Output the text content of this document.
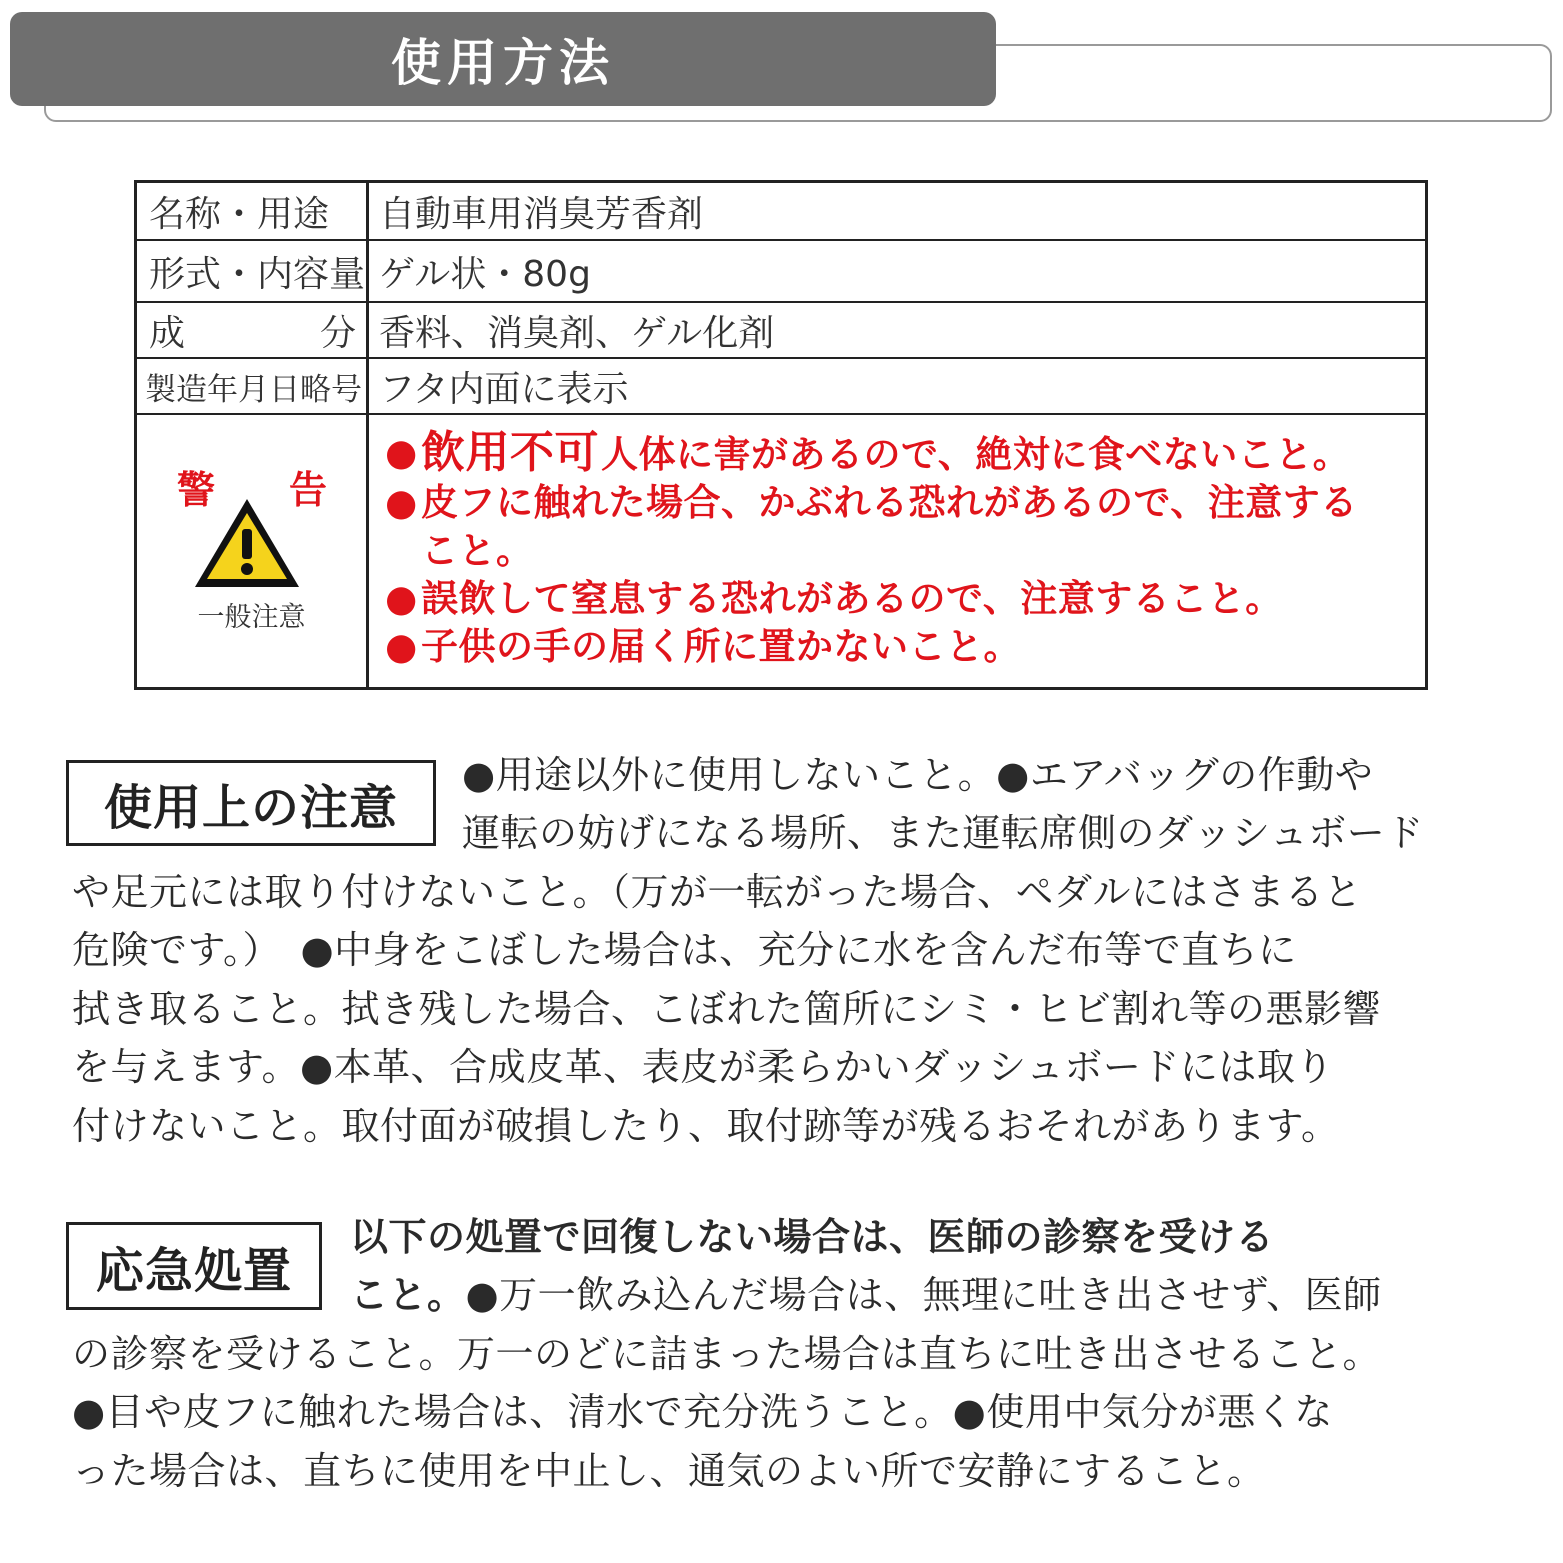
使用方法
名称・用途	自動車用消臭芳香剤
形式・内容量 ゲル状・80g
成	分 香料、消臭剤、ゲル化剤
製造年月日略号 フタ内面に表示
警 告
一般注意
● 飲用不可人体に害があるので、絶対に食べないこと。
● 皮フに触れた場合、かぶれる恐れがあるので、注意する
こと。
● 誤飲して窒息する恐れがあるので、注意すること。
● 子供の手の届く所に置かないこと。
使用上の注意
●用途以外に使用しないこと。●エアバッグの作動や
運転の妨げになる場所、また運転席側のダッシュボード
や足元には取り付けないこと。（万が一転がった場合、ペダルにはさまると
危険です。）　●中身をこぼした場合は、充分に水を含んだ布等で直ちに
拭き取ること。拭き残した場合、こぼれた箇所にシミ・ヒビ割れ等の悪影響
を与えます。●本革、合成皮革、表皮が柔らかいダッシュボードには取り
付けないこと。取付面が破損したり、取付跡等が残るおそれがあります。
応急処置
以下の処置で回復しない場合は、医師の診察を受ける
こと。●万一飲み込んだ場合は、無理に吐き出させず、医師
の診察を受けること。万一のどに詰まった場合は直ちに吐き出させること。
●目や皮フに触れた場合は、清水で充分洗うこと。●使用中気分が悪くな
った場合は、直ちに使用を中止し、通気のよい所で安静にすること。
